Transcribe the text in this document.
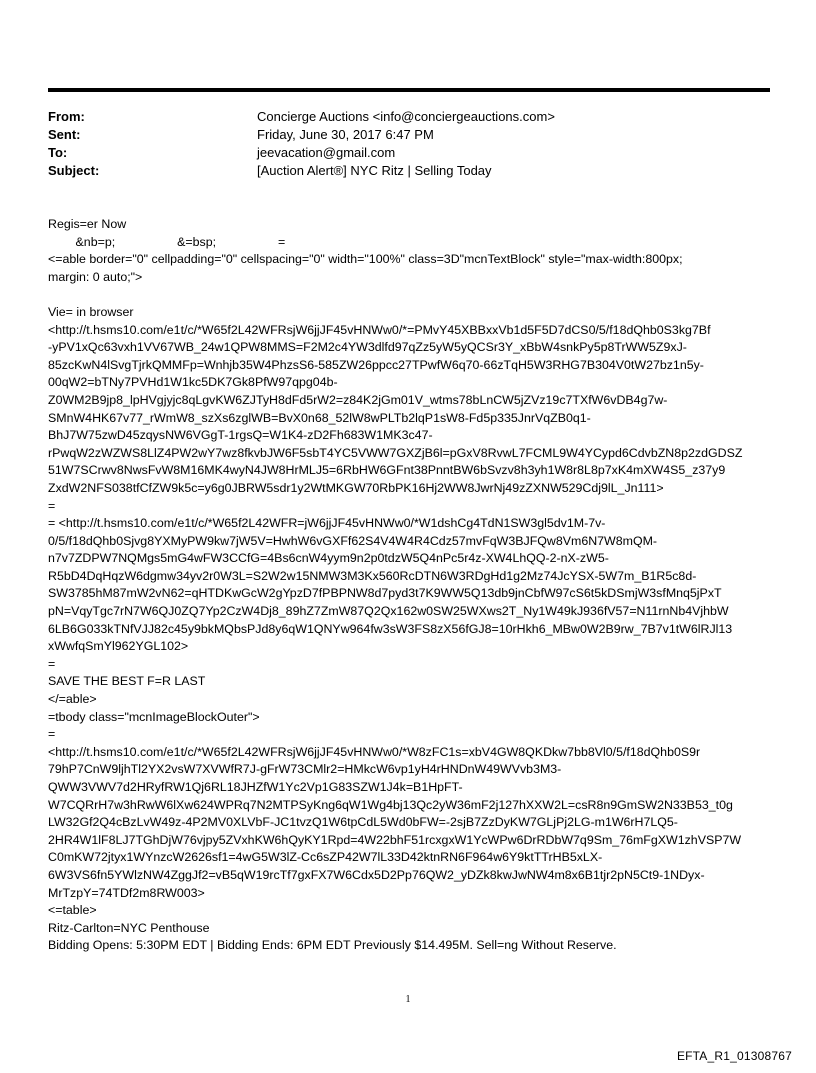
From:	Concierge Auctions <info@conciergeauctions.com>
Sent:	Friday, June 30, 2017 6:47 PM
To:	jeevacation@gmail.com
Subject:	[Auction Alert®] NYC Ritz | Selling Today
Regis=er Now
&nb=p;                  &=bsp;                  =
<=able border="0" cellpadding="0" cellspacing="0" width="100%" class=3D"mcnTextBlock" style="max-width:800px;
margin: 0 auto;">
Vie= in browser
<http://t.hsms10.com/e1t/c/*W65f2L42WFRsjW6jjJF45vHNWw0/*=PMvY45XBBxxVb1d5F5D7dCS0/5/f18dQhb0S3kg7Bf
-yPV1xQc63vxh1VV67WB_24w1QPW8MMS=F2M2c4YW3dlfd97qZz5yW5yQCSr3Y_xBbW4snkPy5p8TrWW5Z9xJ-
85zcKwN4lSvgTjrkQMMFp=Wnhjb35W4PhzsS6-585ZW26ppcc27TPwfW6q70-66zTqH5W3RHG7B304V0tW27bz1n5y-
00qW2=bTNy7PVHd1W1kc5DK7Gk8PfW97qpg04b-
Z0WM2B9jp8_lpHVgjyjc8qLgvKW6ZJTyH8dFd5rW2=z84K2jGm01V_wtms78bLnCW5jZVz19c7TXfW6vDB4g7w-
SMnW4HK67v77_rWmW8_szXs6zglWB=BvX0n68_52lW8wPLTb2lqP1sW8-Fd5p335JnrVqZB0q1-
BhJ7W75zwD45zqysNW6VGgT-1rgsQ=W1K4-zD2Fh683W1MK3c47-
rPwqW2zWZWS8LlZ4PW2wY7wz8fkvbJW6F5sbT4YC5VWW7GXZjB6l=pGxV8RvwL7FCML9W4YCypd6CdvbZN8p2zdGDSZ
51W7SCrwv8NwsFvW8M16MK4wyN4JW8HrMLJ5=6RbHW6GFnt38PnntBW6bSvzv8h3yh1W8r8L8p7xK4mXW4S5_z37y9
ZxdW2NFS038tfCfZW9k5c=y6g0JBRW5sdr1y2WtMKGW70RbPK16Hj2WW8JwrNj49zZXNW529Cdj9lL_Jn111>
=
= <http://t.hsms10.com/e1t/c/*W65f2L42WFR=jW6jjJF45vHNWw0/*W1dshCg4TdN1SW3gl5dv1M-7v-
0/5/f18dQhb0Sjvg8YXMyPW9kw7jW5V=HwhW6vGXFf62S4V4W4R4Cdz57mvFqW3BJFQw8Vm6N7W8mQM-
n7v7ZDPW7NQMgs5mG4wFW3CCfG=4Bs6cnW4yym9n2p0tdzW5Q4nPc5r4z-XW4LhQQ-2-nX-zW5-
R5bD4DqHqzW6dgmw34yv2r0W3L=S2W2w15NMW3M3Kx560RcDTN6W3RDgHd1g2Mz74JcYSX-5W7m_B1R5c8d-
SW3785hM87mW2vN62=qHTDKwGcW2gYpzD7fPBPNW8d7pyd3t7K9WW5Q13db9jnCbfW97cS6t5kDSmjW3sfMnq5jPxT
pN=VqyTgc7rN7W6QJ0ZQ7Yp2CzW4Dj8_89hZ7ZmW87Q2Qx162w0SW25WXws2T_Ny1W49kJ936fV57=N11rnNb4VjhbW
6LB6G033kTNfVJJ82c45y9bkMQbsPJd8y6qW1QNYw964fw3sW3FS8zX56fGJ8=10rHkh6_MBw0W2B9rw_7B7v1tW6lRJl13
xWwfqSmYl962YGL102>
=
SAVE THE BEST F=R LAST
</=able>
=tbody class="mcnImageBlockOuter">
=
<http://t.hsms10.com/e1t/c/*W65f2L42WFRsjW6jjJF45vHNWw0/*W8zFC1s=xbV4GW8QKDkw7bb8Vl0/5/f18dQhb0S9r
79hP7CnW9ljhTl2YX2vsW7XVWfR7J-gFrW73CMlr2=HMkcW6vp1yH4rHNDnW49WVvb3M3-
QWW3VWV7d2HRyfRW1Qj6RL18JHZfW1Yc2Vp1G83SZW1J4k=B1HpFT-
W7CQRrH7w3hRwW6lXw624WPRq7N2MTPSyKng6qW1Wg4bj13Qc2yW36mF2j127hXXW2L=csR8n9GmSW2N33B53_t0g
LW32Gf2Q4cBzLvW49z-4P2MV0XLVbF-JC1tvzQ1W6tpCdL5Wd0bFW=-2sjB7ZzDyKW7GLjPj2LG-m1W6rH7LQ5-
2HR4W1lF8LJ7TGhDjW76vjpy5ZVxhKW6hQyKY1Rpd=4W22bhF51rcxgxW1YcWPw6DrRDbW7q9Sm_76mFgXW1zhVSP7W
C0mKW72jtyx1WYnzcW2626sf1=4wG5W3lZ-Cc6sZP42W7lL33D42ktnRN6F964w6Y9ktTTrHB5xLX-
6W3VS6fn5YWlzNW4ZggJf2=vB5qW19rcTf7gxFX7W6Cdx5D2Pp76QW2_yDZk8kwJwNW4m8x6B1tjr2pN5Ct9-1NDyx-
MrTzpY=74TDf2m8RW003>
<=table>
Ritz-Carlton=NYC Penthouse
Bidding Opens: 5:30PM EDT | Bidding Ends: 6PM EDT Previously $14.495M. Sell=ng Without Reserve.
1
EFTA_R1_01308767
